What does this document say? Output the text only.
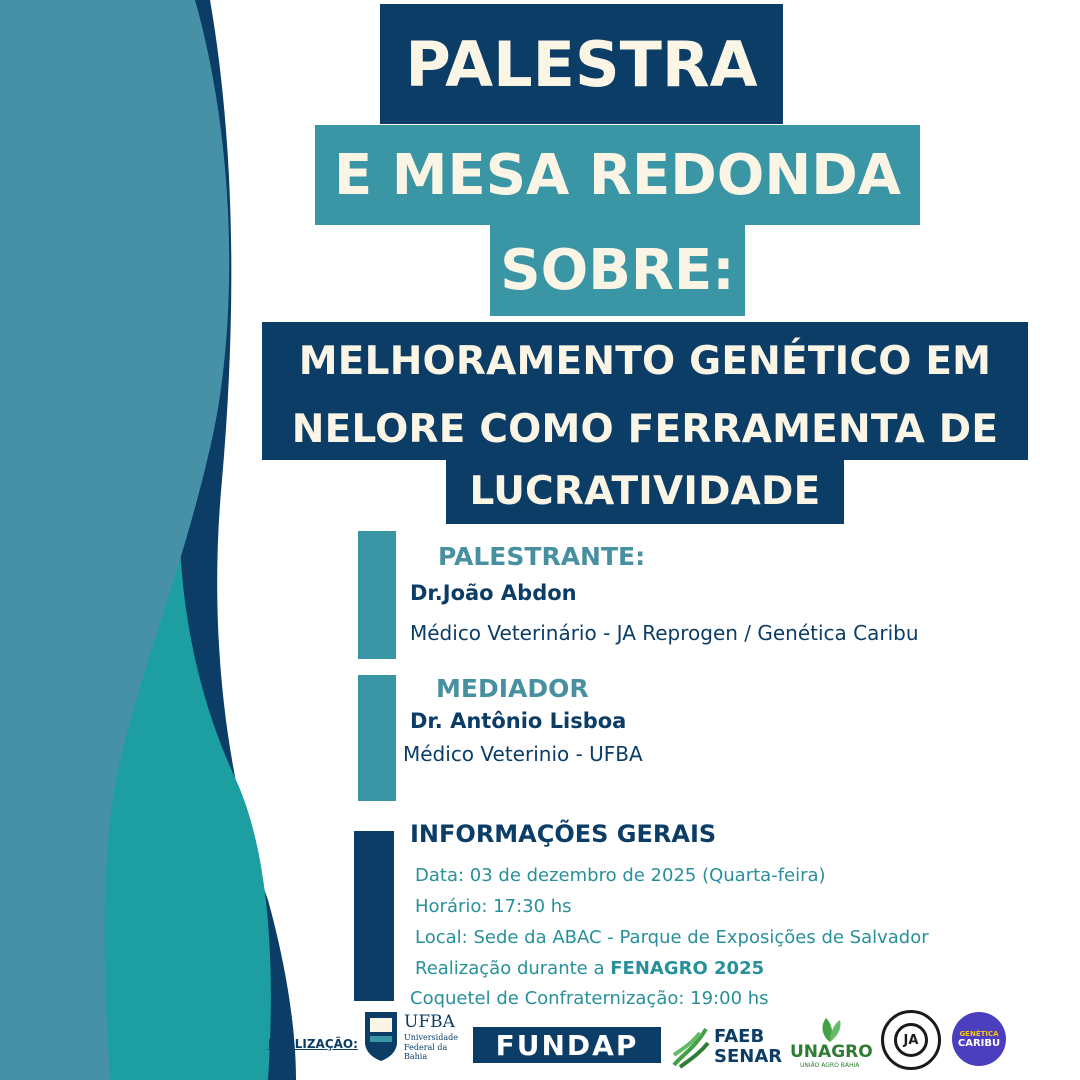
PALESTRA
E MESA REDONDA
SOBRE:
MELHORAMENTO GENÉTICO EM
NELORE COMO FERRAMENTA DE
LUCRATIVIDADE
PALESTRANTE:
Dr.João Abdon
Médico Veterinário - JA Reprogen / Genética Caribu
MEDIADOR
Dr. Antônio Lisboa
Médico Veterinio - UFBA
INFORMAÇÕES GERAIS
Data: 03 de dezembro de 2025 (Quarta-feira)
Horário: 17:30 hs
Local: Sede da ABAC - Parque de Exposições de Salvador
Realização durante a FENAGRO 2025
Coquetel de Confraternização: 19:00 hs
REALIZAÇÃO:
UFBA
Universidade
Federal da Bahia	FUNDAP	FAEB
SENAR UNAGRO
UNIÃO AGRO BAHIA
JA	GENÉTICA
CARIBU
